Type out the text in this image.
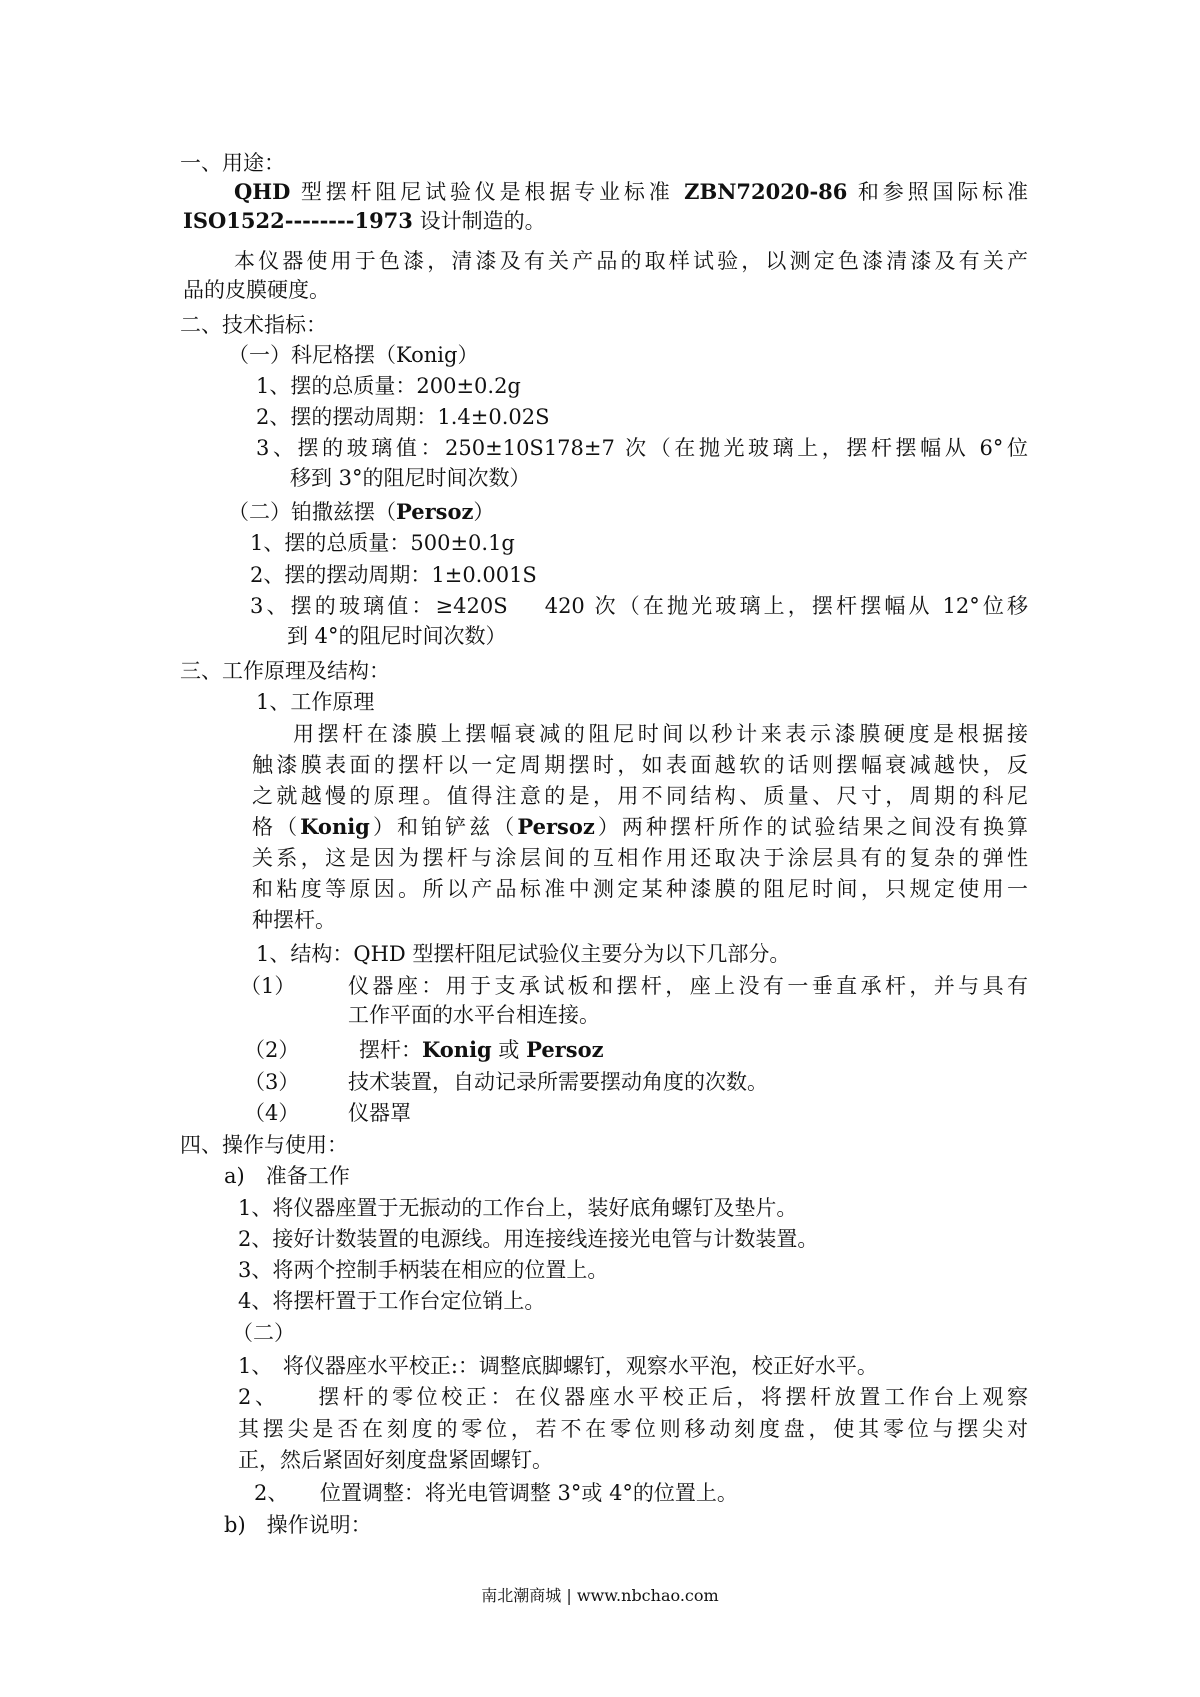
一、用途：
QHD 型摆杆阻尼试验仪是根据专业标准 ZBN72020-86 和参照国际标准
ISO1522--------1973 设计制造的。
本仪器使用于色漆，清漆及有关产品的取样试验，以测定色漆清漆及有关产
品的皮膜硬度。
二、技术指标：
（一）科尼格摆（Konig）
1、摆的总质量：200±0.2g
2、摆的摆动周期：1.4±0.02S
3、摆的玻璃值：250±10S178±7 次（在抛光玻璃上，摆杆摆幅从 6°位
移到 3°的阻尼时间次数）
（二）铂撒兹摆（Persoz）
1、摆的总质量：500±0.1g
2、摆的摆动周期：1±0.001S
3、摆的玻璃值：≥420S　 420 次（在抛光玻璃上，摆杆摆幅从 12°位移
到 4°的阻尼时间次数）
三、工作原理及结构：
1、工作原理
用摆杆在漆膜上摆幅衰减的阻尼时间以秒计来表示漆膜硬度是根据接
触漆膜表面的摆杆以一定周期摆时，如表面越软的话则摆幅衰减越快，反
之就越慢的原理。值得注意的是，用不同结构、质量、尺寸，周期的科尼
格（Konig）和铂铲兹（Persoz）两种摆杆所作的试验结果之间没有换算
关系，这是因为摆杆与涂层间的互相作用还取决于涂层具有的复杂的弹性
和粘度等原因。所以产品标准中测定某种漆膜的阻尼时间，只规定使用一
种摆杆。
1、结构：QHD 型摆杆阻尼试验仪主要分为以下几部分。
（1）	仪器座：用于支承试板和摆杆，座上没有一垂直承杆，并与具有
工作平面的水平台相连接。
（2）	摆杆：Konig 或 Persoz
（3） 技术装置，自动记录所需要摆动角度的次数。
（4） 仪器罩
四、操作与使用：
a)　准备工作
1、将仪器座置于无振动的工作台上，装好底角螺钉及垫片。
2、接好计数装置的电源线。用连接线连接光电管与计数装置。
3、将两个控制手柄装在相应的位置上。
4、将摆杆置于工作台定位销上。
（二）
1、　将仪器座水平校正:：调整底脚螺钉，观察水平泡，校正好水平。
2、　　摆杆的零位校正：在仪器座水平校正后，将摆杆放置工作台上观察
其摆尖是否在刻度的零位，若不在零位则移动刻度盘，使其零位与摆尖对
正，然后紧固好刻度盘紧固螺钉。
2、　　位置调整：将光电管调整 3°或 4°的位置上。
b)　操作说明：
南北潮商城 | www.nbchao.com
